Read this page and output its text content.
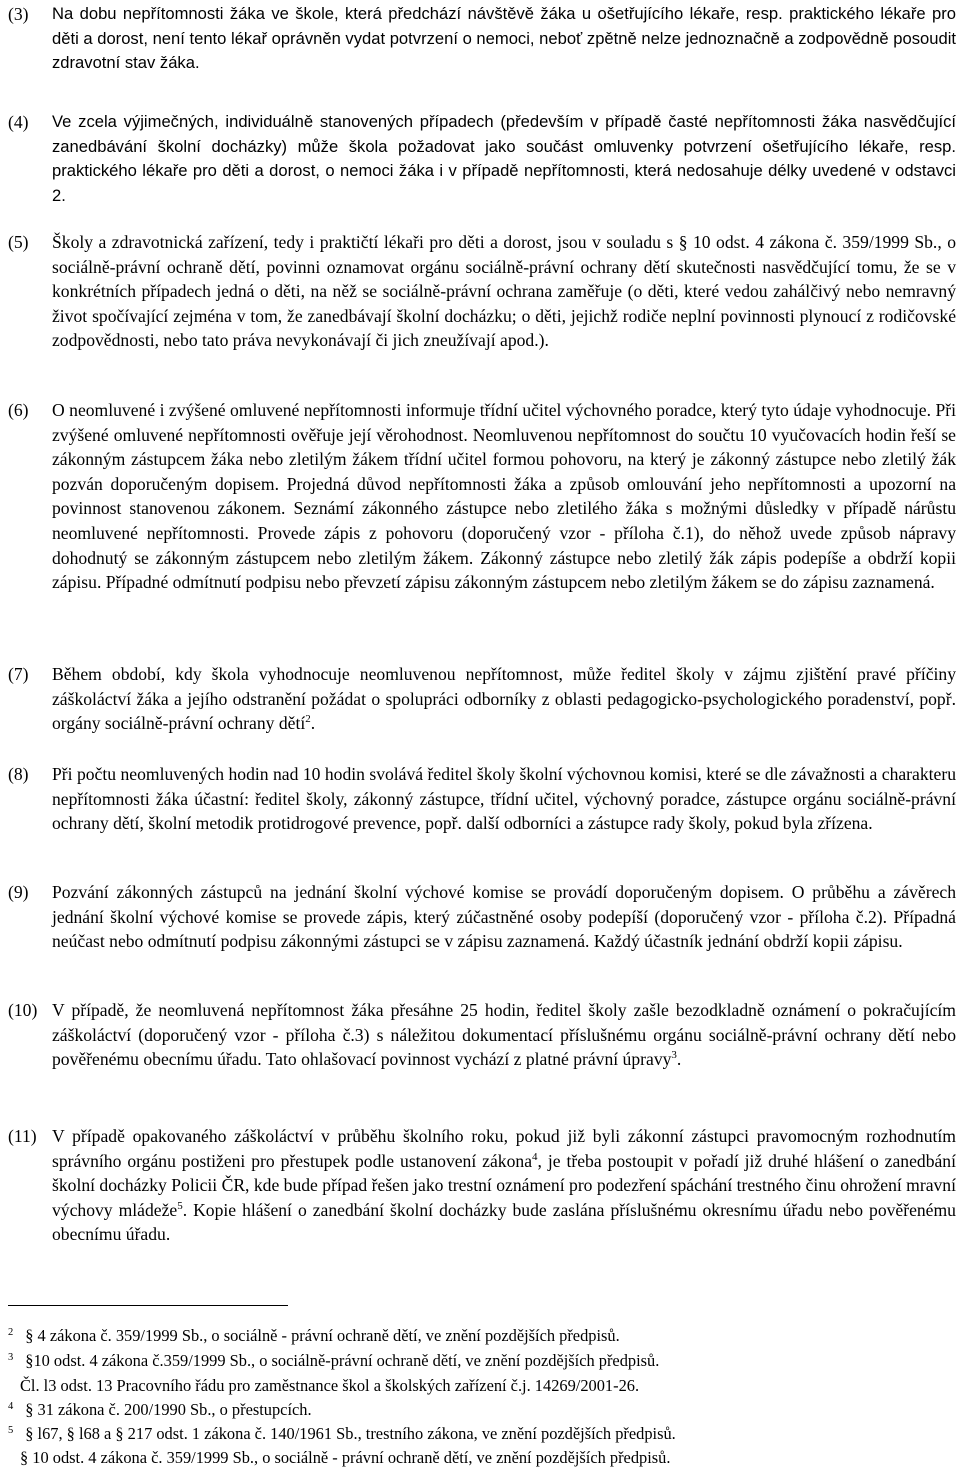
(3)	Na dobu nepřítomnosti žáka ve škole, která předchází návštěvě žáka u ošetřujícího lékaře, resp. praktického lékaře pro děti a dorost, není tento lékař oprávněn vydat potvrzení o nemoci, neboť zpětně nelze jednoznačně a zodpovědně posoudit zdravotní stav žáka.
(4)	Ve zcela výjimečných, individuálně stanovených případech (především v případě časté nepřítomnosti žáka nasvědčující zanedbávání školní docházky) může škola požadovat jako součást omluvenky potvrzení ošetřujícího lékaře, resp. praktického lékaře pro děti a dorost, o nemoci žáka i v případě nepřítomnosti, která nedosahuje délky uvedené v odstavci 2.
(5)	Školy a zdravotnická zařízení, tedy i praktičtí lékaři pro děti a dorost, jsou v souladu s § 10 odst. 4 zákona č. 359/1999 Sb., o sociálně-právní ochraně dětí, povinni oznamovat orgánu sociálně-právní ochrany dětí skutečnosti nasvědčující tomu, že se v konkrétních případech jedná o děti, na něž se sociálně-právní ochrana zaměřuje (o děti, které vedou zahálčivý nebo nemravný život spočívající zejména v tom, že zanedbávají školní docházku; o děti, jejichž rodiče neplní povinnosti plynoucí z rodičovské zodpovědnosti, nebo tato práva nevykonávají či jich zneužívají apod.).
(6)	O neomluvené i zvýšené omluvené nepřítomnosti informuje třídní učitel výchovného poradce, který tyto údaje vyhodnocuje. Při zvýšené omluvené nepřítomnosti ověřuje její věrohodnost. Neomluvenou nepřítomnost do součtu 10 vyučovacích hodin řeší se zákonným zástupcem žáka nebo zletilým žákem třídní učitel formou pohovoru, na který je zákonný zástupce nebo zletilý žák pozván doporučeným dopisem. Projedná důvod nepřítomnosti žáka a způsob omlouvání jeho nepřítomnosti a upozorní na povinnost stanovenou zákonem. Seznámí zákonného zástupce nebo zletilého žáka s možnými důsledky v případě nárůstu neomluvené nepřítomnosti. Provede zápis z pohovoru (doporučený vzor - příloha č.1), do něhož uvede způsob nápravy dohodnutý se zákonným zástupcem nebo zletilým žákem. Zákonný zástupce nebo zletilý žák zápis podepíše a obdrží kopii zápisu. Případné odmítnutí podpisu nebo převzetí zápisu zákonným zástupcem nebo zletilým žákem se do zápisu zaznamená.
(7)	Během období, kdy škola vyhodnocuje neomluvenou nepřítomnost, může ředitel školy v zájmu zjištění pravé příčiny záškoláctví žáka a jejího odstranění požádat o spolupráci odborníky z oblasti pedagogicko-psychologického poradenství, popř. orgány sociálně-právní ochrany dětí$^2$.
(8)	Při počtu neomluvených hodin nad 10 hodin svolává ředitel školy školní výchovnou komisi, které se dle závažnosti a charakteru nepřítomnosti žáka účastní: ředitel školy, zákonný zástupce, třídní učitel, výchovný poradce, zástupce orgánu sociálně-právní ochrany dětí, školní metodik protidrogové prevence, popř. další odborníci a zástupce rady školy, pokud byla zřízena.
(9)	Pozvání zákonných zástupců na jednání školní výchové komise se provádí doporučeným dopisem. O průběhu a závěrech jednání školní výchové komise se provede zápis, který zúčastněné osoby podepíší (doporučený vzor - příloha č.2). Případná neúčast nebo odmítnutí podpisu zákonnými zástupci se v zápisu zaznamená. Každý účastník jednání obdrží kopii zápisu.
(10) V případě, že neomluvená nepřítomnost žáka přesáhne 25 hodin, ředitel školy zašle bezodkladně oznámení o pokračujícím záškoláctví (doporučený vzor - příloha č.3) s náležitou dokumentací příslušnému orgánu sociálně-právní ochrany dětí nebo pověřenému obecnímu úřadu. Tato ohlašovací povinnost vychází z platné právní úpravy$^3$.
(11) V případě opakovaného záškoláctví v průběhu školního roku, pokud již byli zákonní zástupci pravomocným rozhodnutím správního orgánu postiženi pro přestupek podle ustanovení zákona$^4$, je třeba postoupit v pořadí již druhé hlášení o zanedbání školní docházky Policii ČR, kde bude případ řešen jako trestní oznámení pro podezření spáchání trestného činu ohrožení mravní výchovy mládeže$^5$. Kopie hlášení o zanedbání školní docházky bude zaslána příslušnému okresnímu úřadu nebo pověřenému obecnímu úřadu.
$^2$ § 4 zákona č. 359/1999 Sb., o sociálně - právní ochraně dětí, ve znění pozdějších předpisů.
$^3$ §10 odst. 4 zákona č.359/1999 Sb., o sociálně-právní ochraně dětí, ve znění pozdějších předpisů.
Čl. l3 odst. 13 Pracovního řádu pro zaměstnance škol a školských zařízení č.j. 14269/2001-26.
$^4$ § 31 zákona č. 200/1990 Sb., o přestupcích.
$^5$ § l67, § l68 a § 217 odst. 1 zákona č. 140/1961 Sb., trestního zákona, ve znění pozdějších předpisů.
§ 10 odst. 4 zákona č. 359/1999 Sb., o sociálně - právní ochraně dětí, ve znění pozdějších předpisů.
